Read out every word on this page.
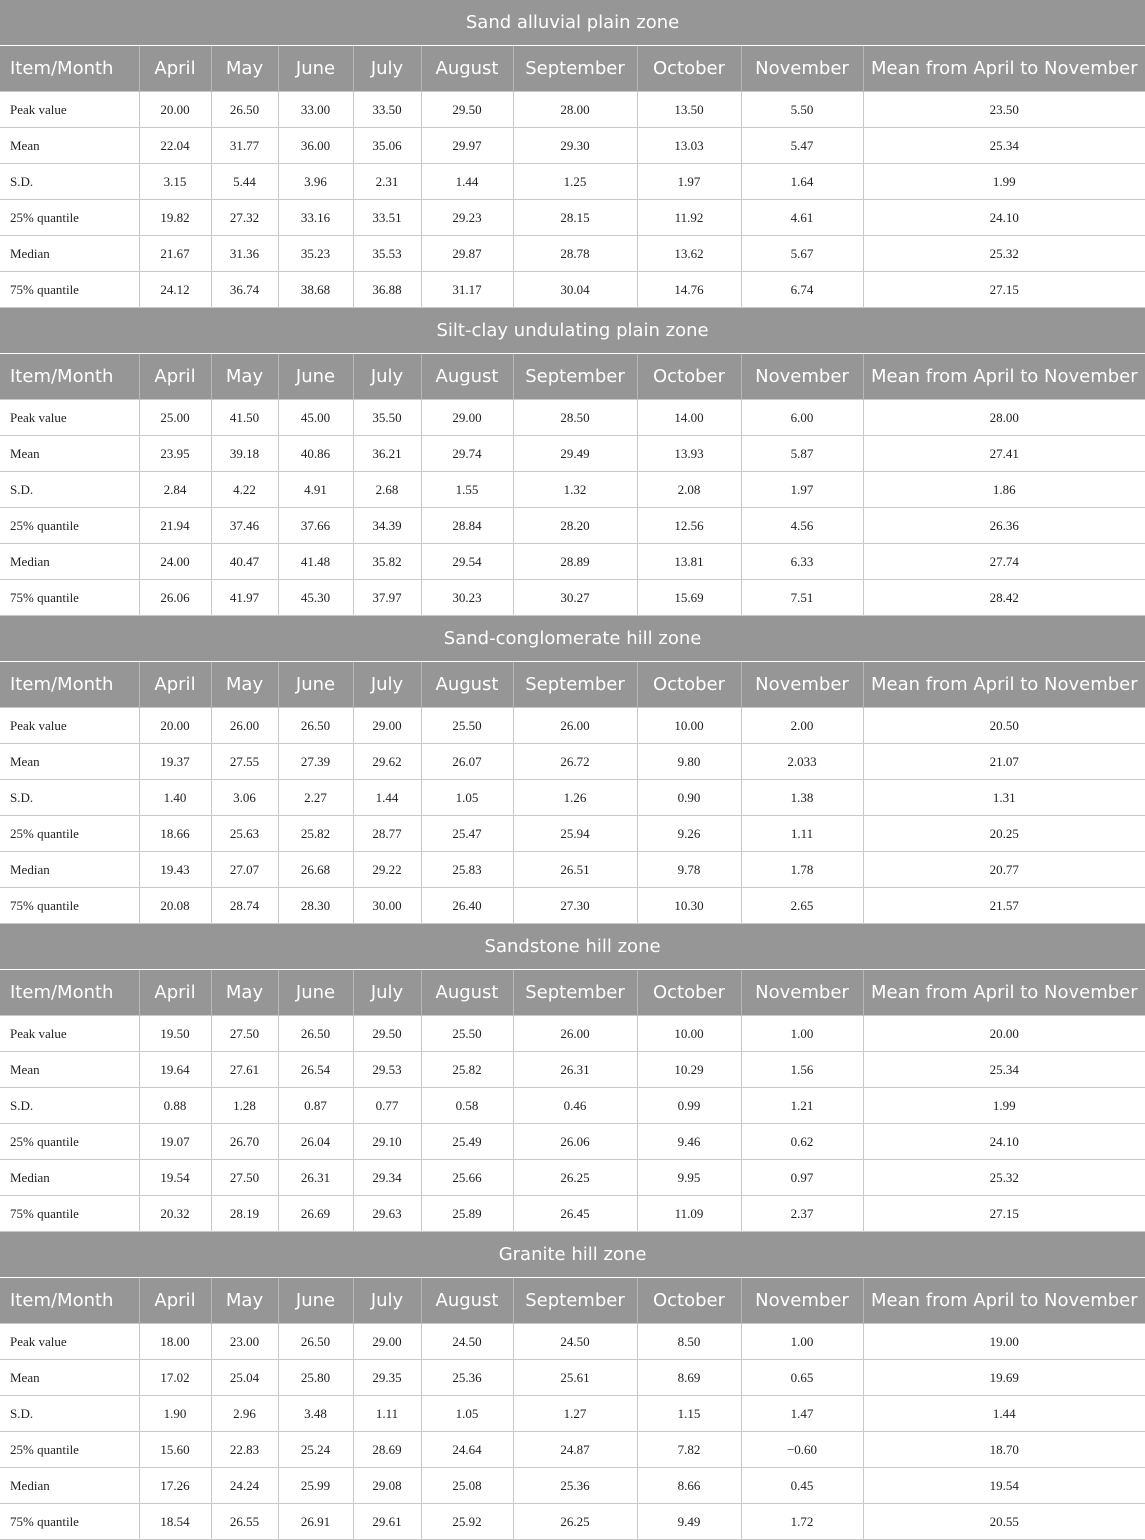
Sand alluvial plain zone									
Item/Month	April	May	June	July	August	September	October	November	Mean from April to November
Peak value	20.00	26.50	33.00	33.50	29.50	28.00	13.50	5.50	23.50
Mean	22.04	31.77	36.00	35.06	29.97	29.30	13.03	5.47	25.34
S.D.	3.15	5.44	3.96	2.31	1.44	1.25	1.97	1.64	1.99
25% quantile	19.82	27.32	33.16	33.51	29.23	28.15	11.92	4.61	24.10
Median	21.67	31.36	35.23	35.53	29.87	28.78	13.62	5.67	25.32
75% quantile	24.12	36.74	38.68	36.88	31.17	30.04	14.76	6.74	27.15
Silt-clay undulating plain zone									
Item/Month	April	May	June	July	August	September	October	November	Mean from April to November
Peak value	25.00	41.50	45.00	35.50	29.00	28.50	14.00	6.00	28.00
Mean	23.95	39.18	40.86	36.21	29.74	29.49	13.93	5.87	27.41
S.D.	2.84	4.22	4.91	2.68	1.55	1.32	2.08	1.97	1.86
25% quantile	21.94	37.46	37.66	34.39	28.84	28.20	12.56	4.56	26.36
Median	24.00	40.47	41.48	35.82	29.54	28.89	13.81	6.33	27.74
75% quantile	26.06	41.97	45.30	37.97	30.23	30.27	15.69	7.51	28.42
Sand-conglomerate hill zone									
Item/Month	April	May	June	July	August	September	October	November	Mean from April to November
Peak value	20.00	26.00	26.50	29.00	25.50	26.00	10.00	2.00	20.50
Mean	19.37	27.55	27.39	29.62	26.07	26.72	9.80	2.033	21.07
S.D.	1.40	3.06	2.27	1.44	1.05	1.26	0.90	1.38	1.31
25% quantile	18.66	25.63	25.82	28.77	25.47	25.94	9.26	1.11	20.25
Median	19.43	27.07	26.68	29.22	25.83	26.51	9.78	1.78	20.77
75% quantile	20.08	28.74	28.30	30.00	26.40	27.30	10.30	2.65	21.57
Sandstone hill zone									
Item/Month	April	May	June	July	August	September	October	November	Mean from April to November
Peak value	19.50	27.50	26.50	29.50	25.50	26.00	10.00	1.00	20.00
Mean	19.64	27.61	26.54	29.53	25.82	26.31	10.29	1.56	25.34
S.D.	0.88	1.28	0.87	0.77	0.58	0.46	0.99	1.21	1.99
25% quantile	19.07	26.70	26.04	29.10	25.49	26.06	9.46	0.62	24.10
Median	19.54	27.50	26.31	29.34	25.66	26.25	9.95	0.97	25.32
75% quantile	20.32	28.19	26.69	29.63	25.89	26.45	11.09	2.37	27.15
Granite hill zone									
Item/Month	April	May	June	July	August	September	October	November	Mean from April to November
Peak value	18.00	23.00	26.50	29.00	24.50	24.50	8.50	1.00	19.00
Mean	17.02	25.04	25.80	29.35	25.36	25.61	8.69	0.65	19.69
S.D.	1.90	2.96	3.48	1.11	1.05	1.27	1.15	1.47	1.44
25% quantile	15.60	22.83	25.24	28.69	24.64	24.87	7.82	−0.60	18.70
Median	17.26	24.24	25.99	29.08	25.08	25.36	8.66	0.45	19.54
75% quantile	18.54	26.55	26.91	29.61	25.92	26.25	9.49	1.72	20.55
